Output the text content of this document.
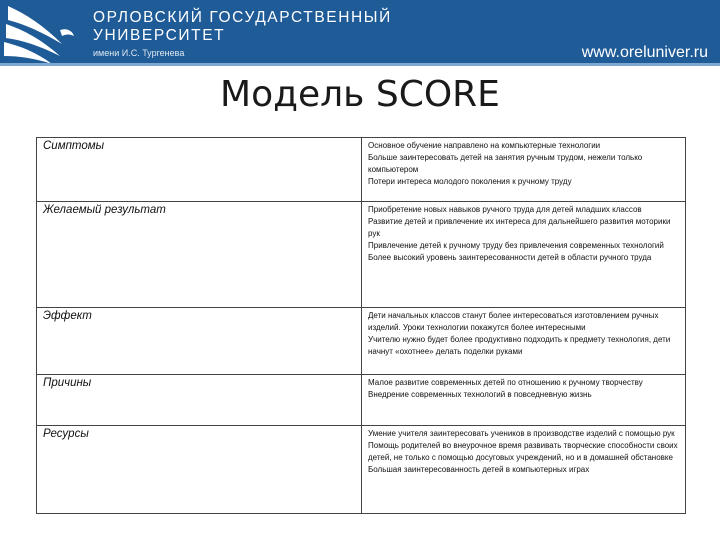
ОРЛОВСКИЙ ГОСУДАРСТВЕННЫЙ
УНИВЕРСИТЕТ
имени И.С. Тургенева	www.oreluniver.ru
Модель SCORE
Симптомы	Основное обучение направлено на компьютерные технологии
Больше заинтересовать детей на занятия ручным трудом, нежели только компьютером
Потери интереса молодого поколения к ручному труду

Желаемый результат	Приобретение новых навыков ручного труда для детей младших классов
Развитие детей и привлечение их интереса для дальнейшего развития моторики рук
Привлечение детей к ручному труду без привлечения современных технологий
Более высокий уровень заинтересованности детей в области ручного труда

Эффект	Дети начальных классов станут более интересоваться изготовлением ручных изделий. Уроки технологии покажутся более интересными
Учителю нужно будет более продуктивно подходить к предмету технология, дети начнут «охотнее» делать поделки руками

Причины	Малое развитие современных детей по отношению к ручному творчеству
Внедрение современных технологий в повседневную жизнь

Ресурсы	Умение учителя заинтересовать учеников в производстве изделий с помощью рук
Помощь родителей во внеурочное время развивать творческие способности своих детей, не только с помощью досуговых учреждений, но и в домашней обстановке
Большая заинтересованность детей в компьютерных играх
